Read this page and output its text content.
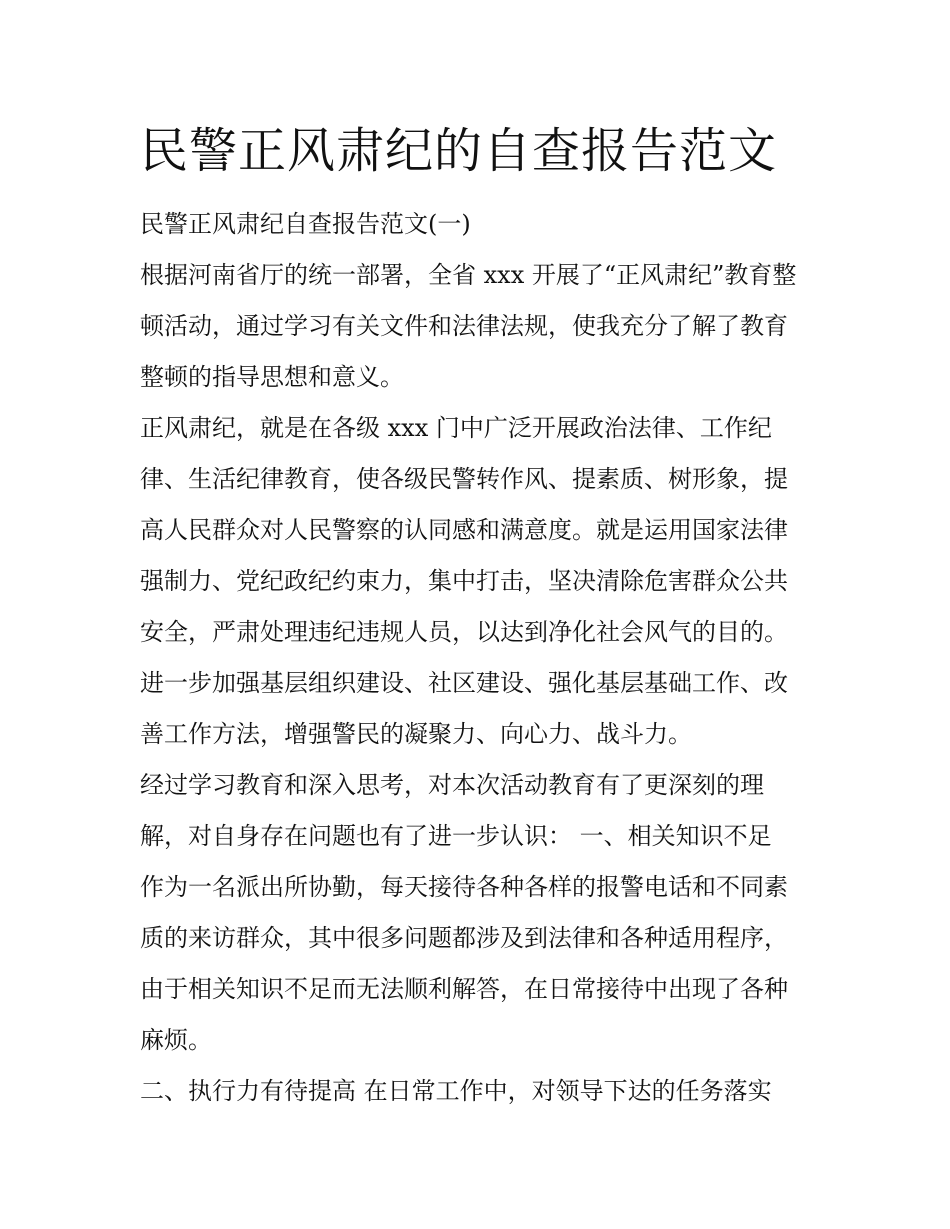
民警正风肃纪的自查报告范文
民警正风肃纪自查报告范文(一)
根据河南省厅的统一部署，全省 xxx 开展了“正风肃纪”教育整
顿活动，通过学习有关文件和法律法规，使我充分了解了教育
整顿的指导思想和意义。
正风肃纪，就是在各级 xxx 门中广泛开展政治法律、工作纪
律、生活纪律教育，使各级民警转作风、提素质、树形象，提
高人民群众对人民警察的认同感和满意度。就是运用国家法律
强制力、党纪政纪约束力，集中打击，坚决清除危害群众公共
安全，严肃处理违纪违规人员，以达到净化社会风气的目的。
进一步加强基层组织建设、社区建设、强化基层基础工作、改
善工作方法，增强警民的凝聚力、向心力、战斗力。
经过学习教育和深入思考，对本次活动教育有了更深刻的理
解，对自身存在问题也有了进一步认识： 一、相关知识不足
作为一名派出所协勤，每天接待各种各样的报警电话和不同素
质的来访群众，其中很多问题都涉及到法律和各种适用程序，
由于相关知识不足而无法顺利解答，在日常接待中出现了各种
麻烦。
二、执行力有待提高 在日常工作中，对领导下达的任务落实
